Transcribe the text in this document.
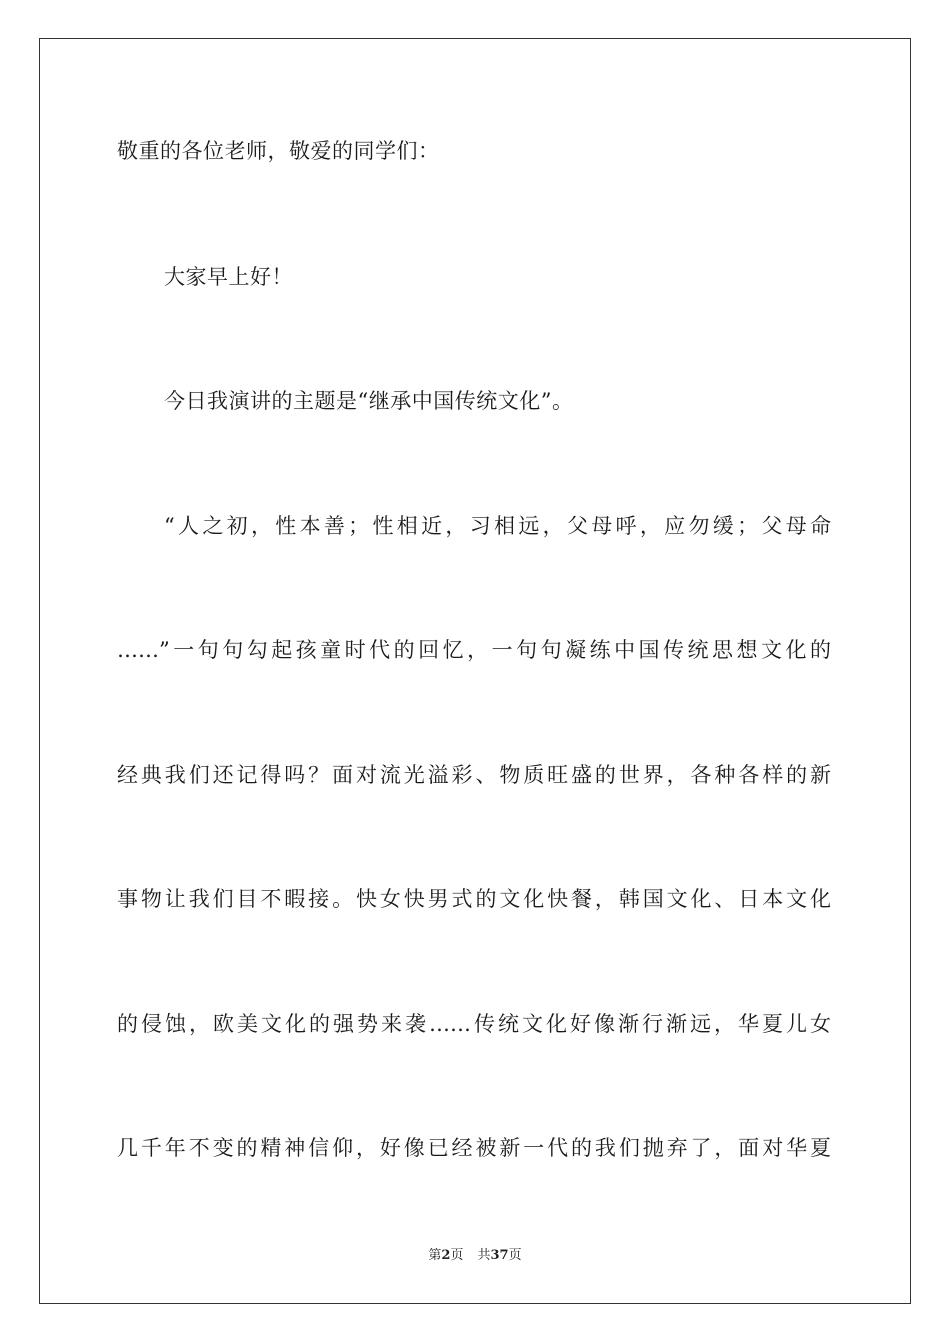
敬重的各位老师，敬爱的同学们：
大家早上好！
今日我演讲的主题是“继承中国传统文化”。
“人之初，性本善；性相近，习相远，父母呼，应勿缓；父母命
……”一句句勾起孩童时代的回忆，一句句凝练中国传统思想文化的
经典我们还记得吗？面对流光溢彩、物质旺盛的世界，各种各样的新
事物让我们目不暇接。快女快男式的文化快餐，韩国文化、日本文化
的侵蚀，欧美文化的强势来袭……传统文化好像渐行渐远，华夏儿女
几千年不变的精神信仰，好像已经被新一代的我们抛弃了，面对华夏
第2页 共37页
